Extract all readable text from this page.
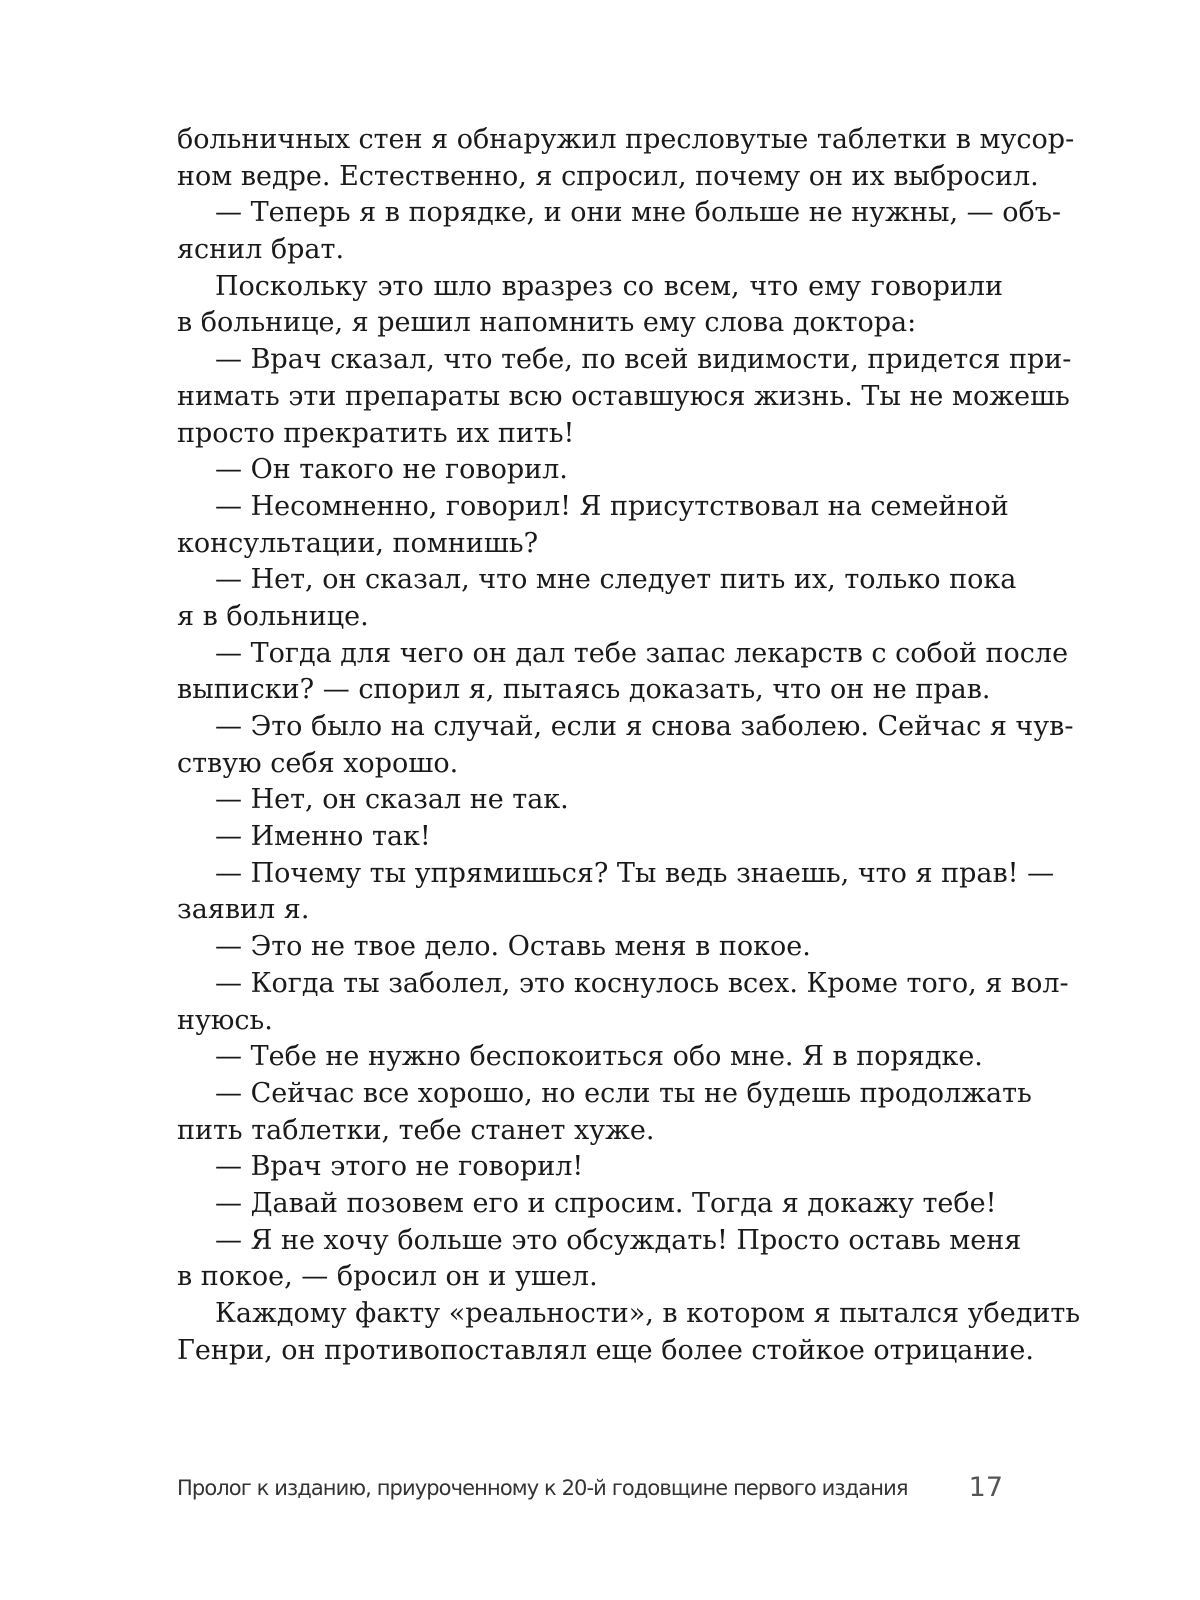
больничных стен я обнаружил пресловутые таблетки в мусор-
ном ведре. Естественно, я спросил, почему он их выбросил.
— Теперь я в порядке, и они мне больше не нужны, — объ-
яснил брат.
Поскольку это шло вразрез со всем, что ему говорили
в больнице, я решил напомнить ему слова доктора:
— Врач сказал, что тебе, по всей видимости, придется при-
нимать эти препараты всю оставшуюся жизнь. Ты не можешь
просто прекратить их пить!
— Он такого не говорил.
— Несомненно, говорил! Я присутствовал на семейной
консультации, помнишь?
— Нет, он сказал, что мне следует пить их, только пока
я в больнице.
— Тогда для чего он дал тебе запас лекарств с собой после
выписки? — спорил я, пытаясь доказать, что он не прав.
— Это было на случай, если я снова заболею. Сейчас я чув-
ствую себя хорошо.
— Нет, он сказал не так.
— Именно так!
— Почему ты упрямишься? Ты ведь знаешь, что я прав! —
заявил я.
— Это не твое дело. Оставь меня в покое.
— Когда ты заболел, это коснулось всех. Кроме того, я вол-
нуюсь.
— Тебе не нужно беспокоиться обо мне. Я в порядке.
— Сейчас все хорошо, но если ты не будешь продолжать
пить таблетки, тебе станет хуже.
— Врач этого не говорил!
— Давай позовем его и спросим. Тогда я докажу тебе!
— Я не хочу больше это обсуждать! Просто оставь меня
в покое, — бросил он и ушел.
Каждому факту «реальности», в котором я пытался убедить
Генри, он противопоставлял еще более стойкое отрицание.
Пролог к изданию, приуроченному к 20-й годовщине первого издания 17
